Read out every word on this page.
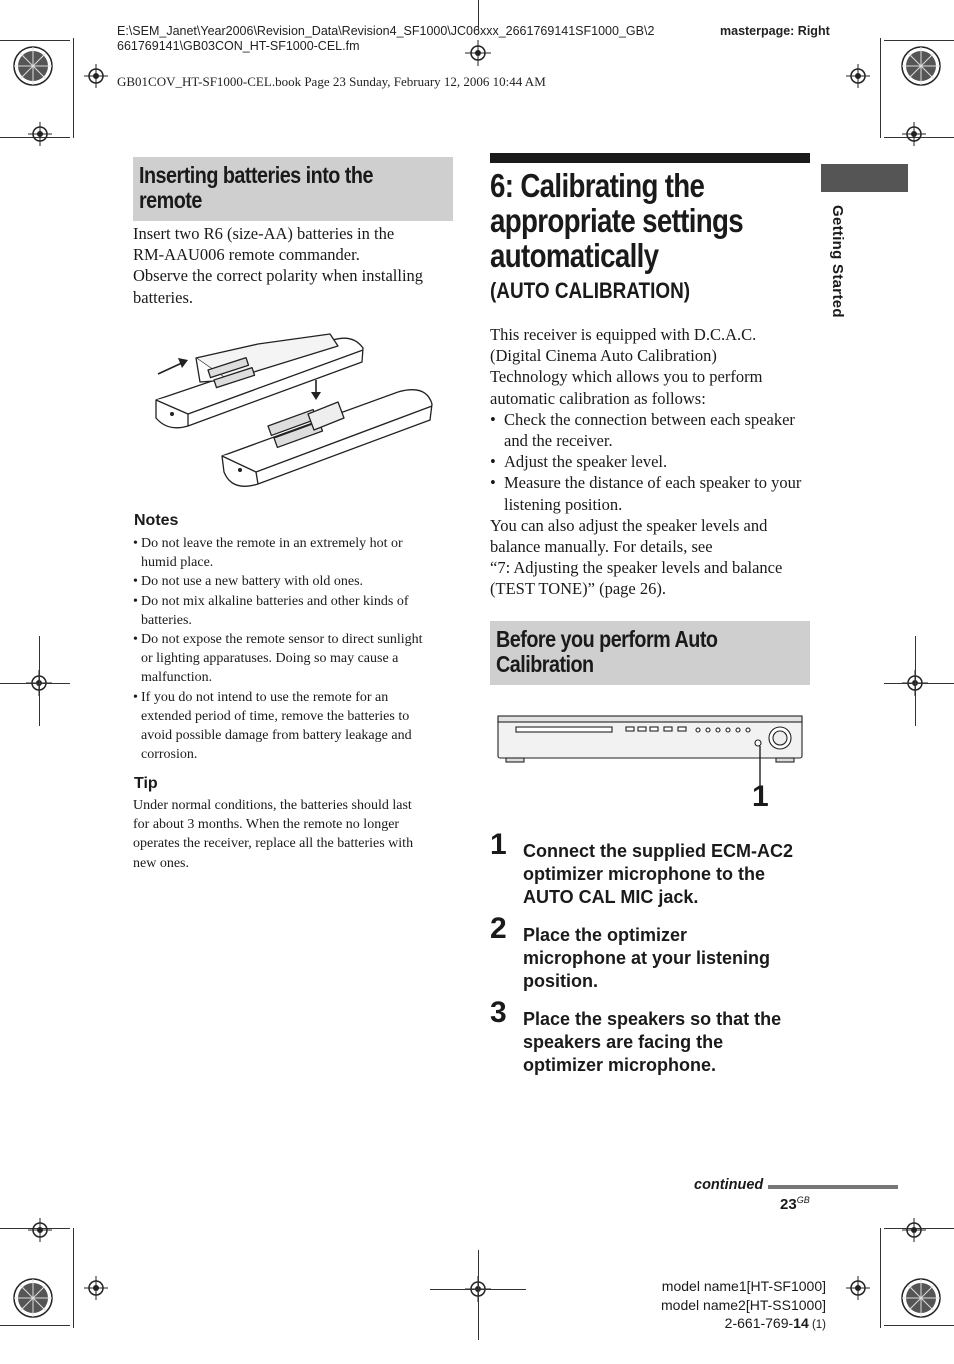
E:\SEM_Janet\Year2006\Revision_Data\Revision4_SF1000\JC06xxx_2661769141SF1000_GB\2
661769141\GB03CON_HT-SF1000-CEL.fm
masterpage: Right
GB01COV_HT-SF1000-CEL.book Page 23 Sunday, February 12, 2006 10:44 AM
Inserting batteries into the
remote
Insert two R6 (size-AA) batteries in the
RM-AAU006 remote commander.
Observe the correct polarity when installing
batteries.
Notes
• Do not leave the remote in an extremely hot or
humid place.
• Do not use a new battery with old ones.
• Do not mix alkaline batteries and other kinds of
batteries.
• Do not expose the remote sensor to direct sunlight
or lighting apparatuses. Doing so may cause a
malfunction.
• If you do not intend to use the remote for an
extended period of time, remove the batteries to
avoid possible damage from battery leakage and
corrosion.
Tip
Under normal conditions, the batteries should last
for about 3 months. When the remote no longer
operates the receiver, replace all the batteries with
new ones.
6: Calibrating the
appropriate settings
automatically
(AUTO CALIBRATION)
This receiver is equipped with D.C.A.C.
(Digital Cinema Auto Calibration)
Technology which allows you to perform
automatic calibration as follows:
• Check the connection between each speaker
and the receiver.
• Adjust the speaker level.
• Measure the distance of each speaker to your
listening position.
You can also adjust the speaker levels and
balance manually. For details, see
“7: Adjusting the speaker levels and balance
(TEST TONE)” (page 26).
Before you perform Auto
Calibration
1
1 Connect the supplied ECM-AC2
optimizer microphone to the
AUTO CAL MIC jack.
2 Place the optimizer
microphone at your listening
position.
3 Place the speakers so that the
speakers are facing the
optimizer microphone.
Getting Started
continued
$23^{GB}$
model name1[HT-SF1000]
model name2[HT-SS1000]
2-661-769-14 (1)
